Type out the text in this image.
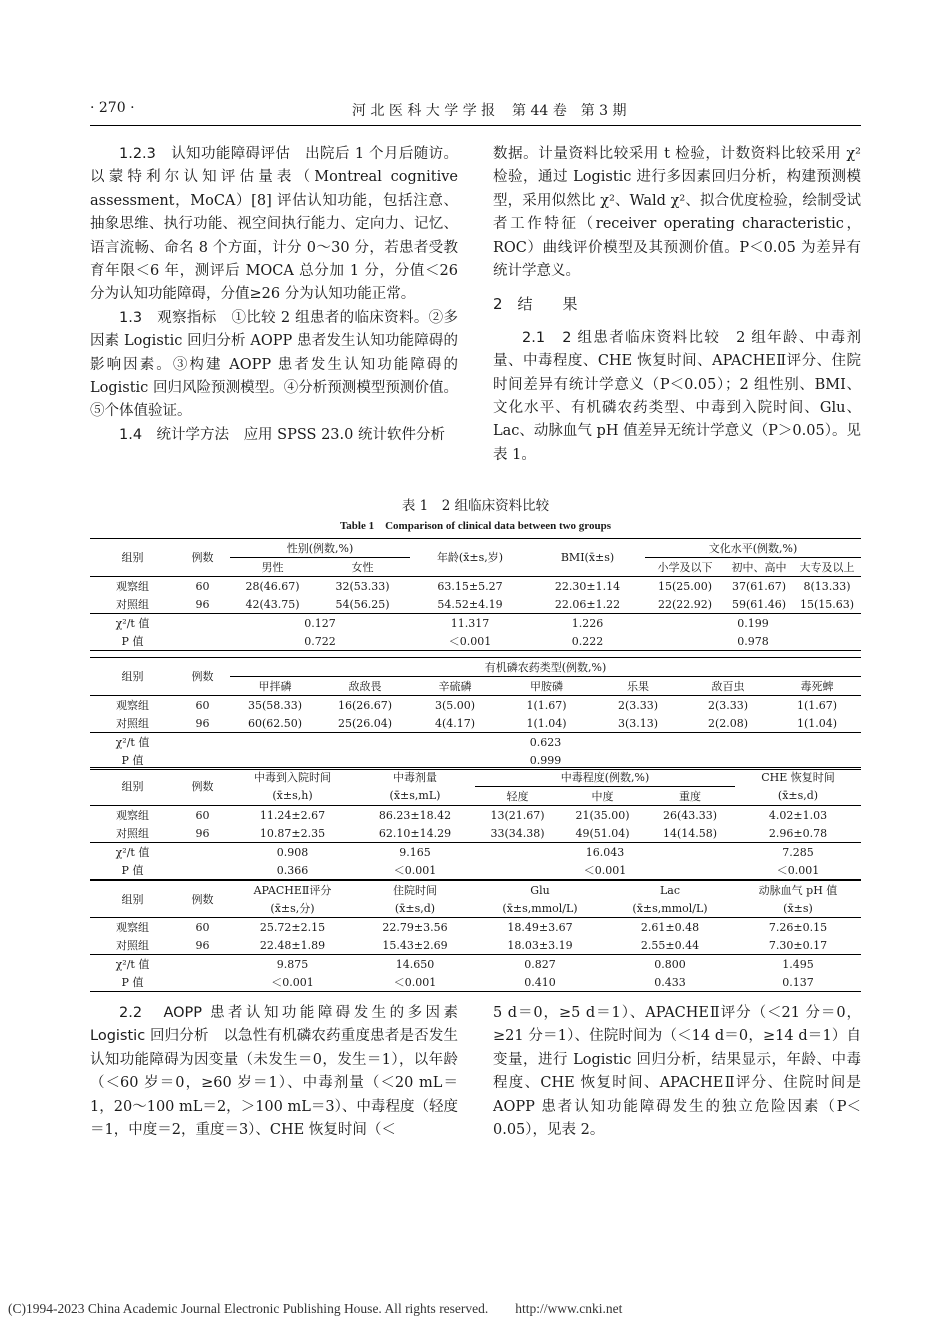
· 270 ·	河 北 医 科 大 学 学 报 第 44 卷　第 3 期

1.2.3　认知功能障碍评估　 出院后 1 个月后随访。以蒙特利尔认知评估量表（Montreal cognitive assessment，MoCA）[8] 评估认知功能，包括注意、抽象思维、执行功能、视空间执行能力、定向力、记忆、语言流畅、命名 8 个方面，计分 0～30 分，若患者受教育年限＜6 年，测评后 MOCA 总分加 1 分，分值＜26 分为认知功能障碍，分值≥26 分为认知功能正常。

1.3　观察指标　 ①比较 2 组患者的临床资料。②多因素 Logistic 回归分析 AOPP 患者发生认知功能障碍的影响因素。③构建 AOPP 患者发生认知功能障碍的 Logistic 回归风险预测模型。④分析预测模型预测价值。⑤个体值验证。

1.4　统计学方法　 应用 SPSS 23.0 统计软件分析

数据。计量资料比较采用 t 检验，计数资料比较采用 χ² 检验，通过 Logistic 进行多因素回归分析，构建预测模型，采用似然比 χ²、Wald χ²、拟合优度检验，绘制受试者工作特征（receiver operating characteristic，ROC）曲线评价模型及其预测价值。P＜0.05 为差异有统计学意义。

2　结　　果

2.1　2 组患者临床资料比较　 2 组年龄、中毒剂量、中毒程度、CHE 恢复时间、APACHEⅡ评分、住院时间差异有统计学意义（P＜0.05）；2 组性别、BMI、文化水平、有机磷农药类型、中毒到入院时间、Glu、Lac、动脉血气 pH 值差异无统计学意义（P＞0.05）。见表 1。

表 1　2 组临床资料比较
Table 1　Comparison of clinical data between two groups
组别	例数	性别(例数,%)		年龄(x̄±s,岁)	BMI(x̄±s)	文化水平(例数,%)		
		男性	女性			小学及以下	初中、高中	大专及以上
观察组	60	28(46.67)	32(53.33)	63.15±5.27	22.30±1.14	15(25.00)	37(61.67)	8(13.33)
对照组	96	42(43.75)	54(56.25)	54.52±4.19	22.06±1.22	22(22.92)	59(61.46)	15(15.63)
χ²/t 值		0.127		11.317	1.226	0.199		
P 值		0.722		＜0.001	0.222	0.978		
组别	例数	有机磷农药类型(例数,%)						
		甲拌磷	敌敌畏	辛硫磷	甲胺磷	乐果	敌百虫	毒死蜱
观察组	60	35(58.33)	16(26.67)	3(5.00)	1(1.67)	2(3.33)	2(3.33)	1(1.67)
对照组	96	60(62.50)	25(26.04)	4(4.17)	1(1.04)	3(3.13)	2(2.08)	1(1.04)
χ²/t 值		0.623						
P 值		0.999						
组别	例数	中毒到入院时间	中毒剂量	中毒程度(例数,%)			CHE 恢复时间
		(x̄±s,h)	(x̄±s,mL)	轻度	中度	重度	(x̄±s,d)
观察组	60	11.24±2.67	86.23±18.42	13(21.67)	21(35.00)	26(43.33)	4.02±1.03
对照组	96	10.87±2.35	62.10±14.29	33(34.38)	49(51.04)	14(14.58)	2.96±0.78
χ²/t 值		0.908	9.165	16.043			7.285
P 值		0.366	＜0.001	＜0.001			＜0.001
组别	例数	APACHEⅡ评分	住院时间	Glu	Lac	动脉血气 pH 值
		(x̄±s,分)	(x̄±s,d)	(x̄±s,mmol/L)	(x̄±s,mmol/L)	(x̄±s)
观察组	60	25.72±2.15	22.79±3.56	18.49±3.67	2.61±0.48	7.26±0.15
对照组	96	22.48±1.89	15.43±2.69	18.03±3.19	2.55±0.44	7.30±0.17
χ²/t 值		9.875	14.650	0.827	0.800	1.495
P 值		＜0.001	＜0.001	0.410	0.433	0.137

2.2　AOPP 患者认知功能障碍发生的多因素 Logistic 回归分析　 以急性有机磷农药重度患者是否发生认知功能障碍为因变量（未发生＝0，发生＝1），以年龄（＜60 岁＝0，≥60 岁＝1）、中毒剂量（＜20 mL＝1，20～100 mL＝2，＞100 mL＝3）、中毒程度（轻度＝1，中度＝2，重度＝3）、CHE 恢复时间（＜

5 d＝0，≥5 d＝1）、APACHEⅡ评分（＜21 分＝0，≥21 分＝1）、住院时间为（＜14 d＝0，≥14 d＝1）自变量，进行 Logistic 回归分析，结果显示，年龄、中毒程度、CHE 恢复时间、APACHEⅡ评分、住院时间是 AOPP 患者认知功能障碍发生的独立危险因素（P＜0.05），见表 2。

(C)1994-2023 China Academic Journal Electronic Publishing House. All rights reserved.　　http://www.cnki.net
